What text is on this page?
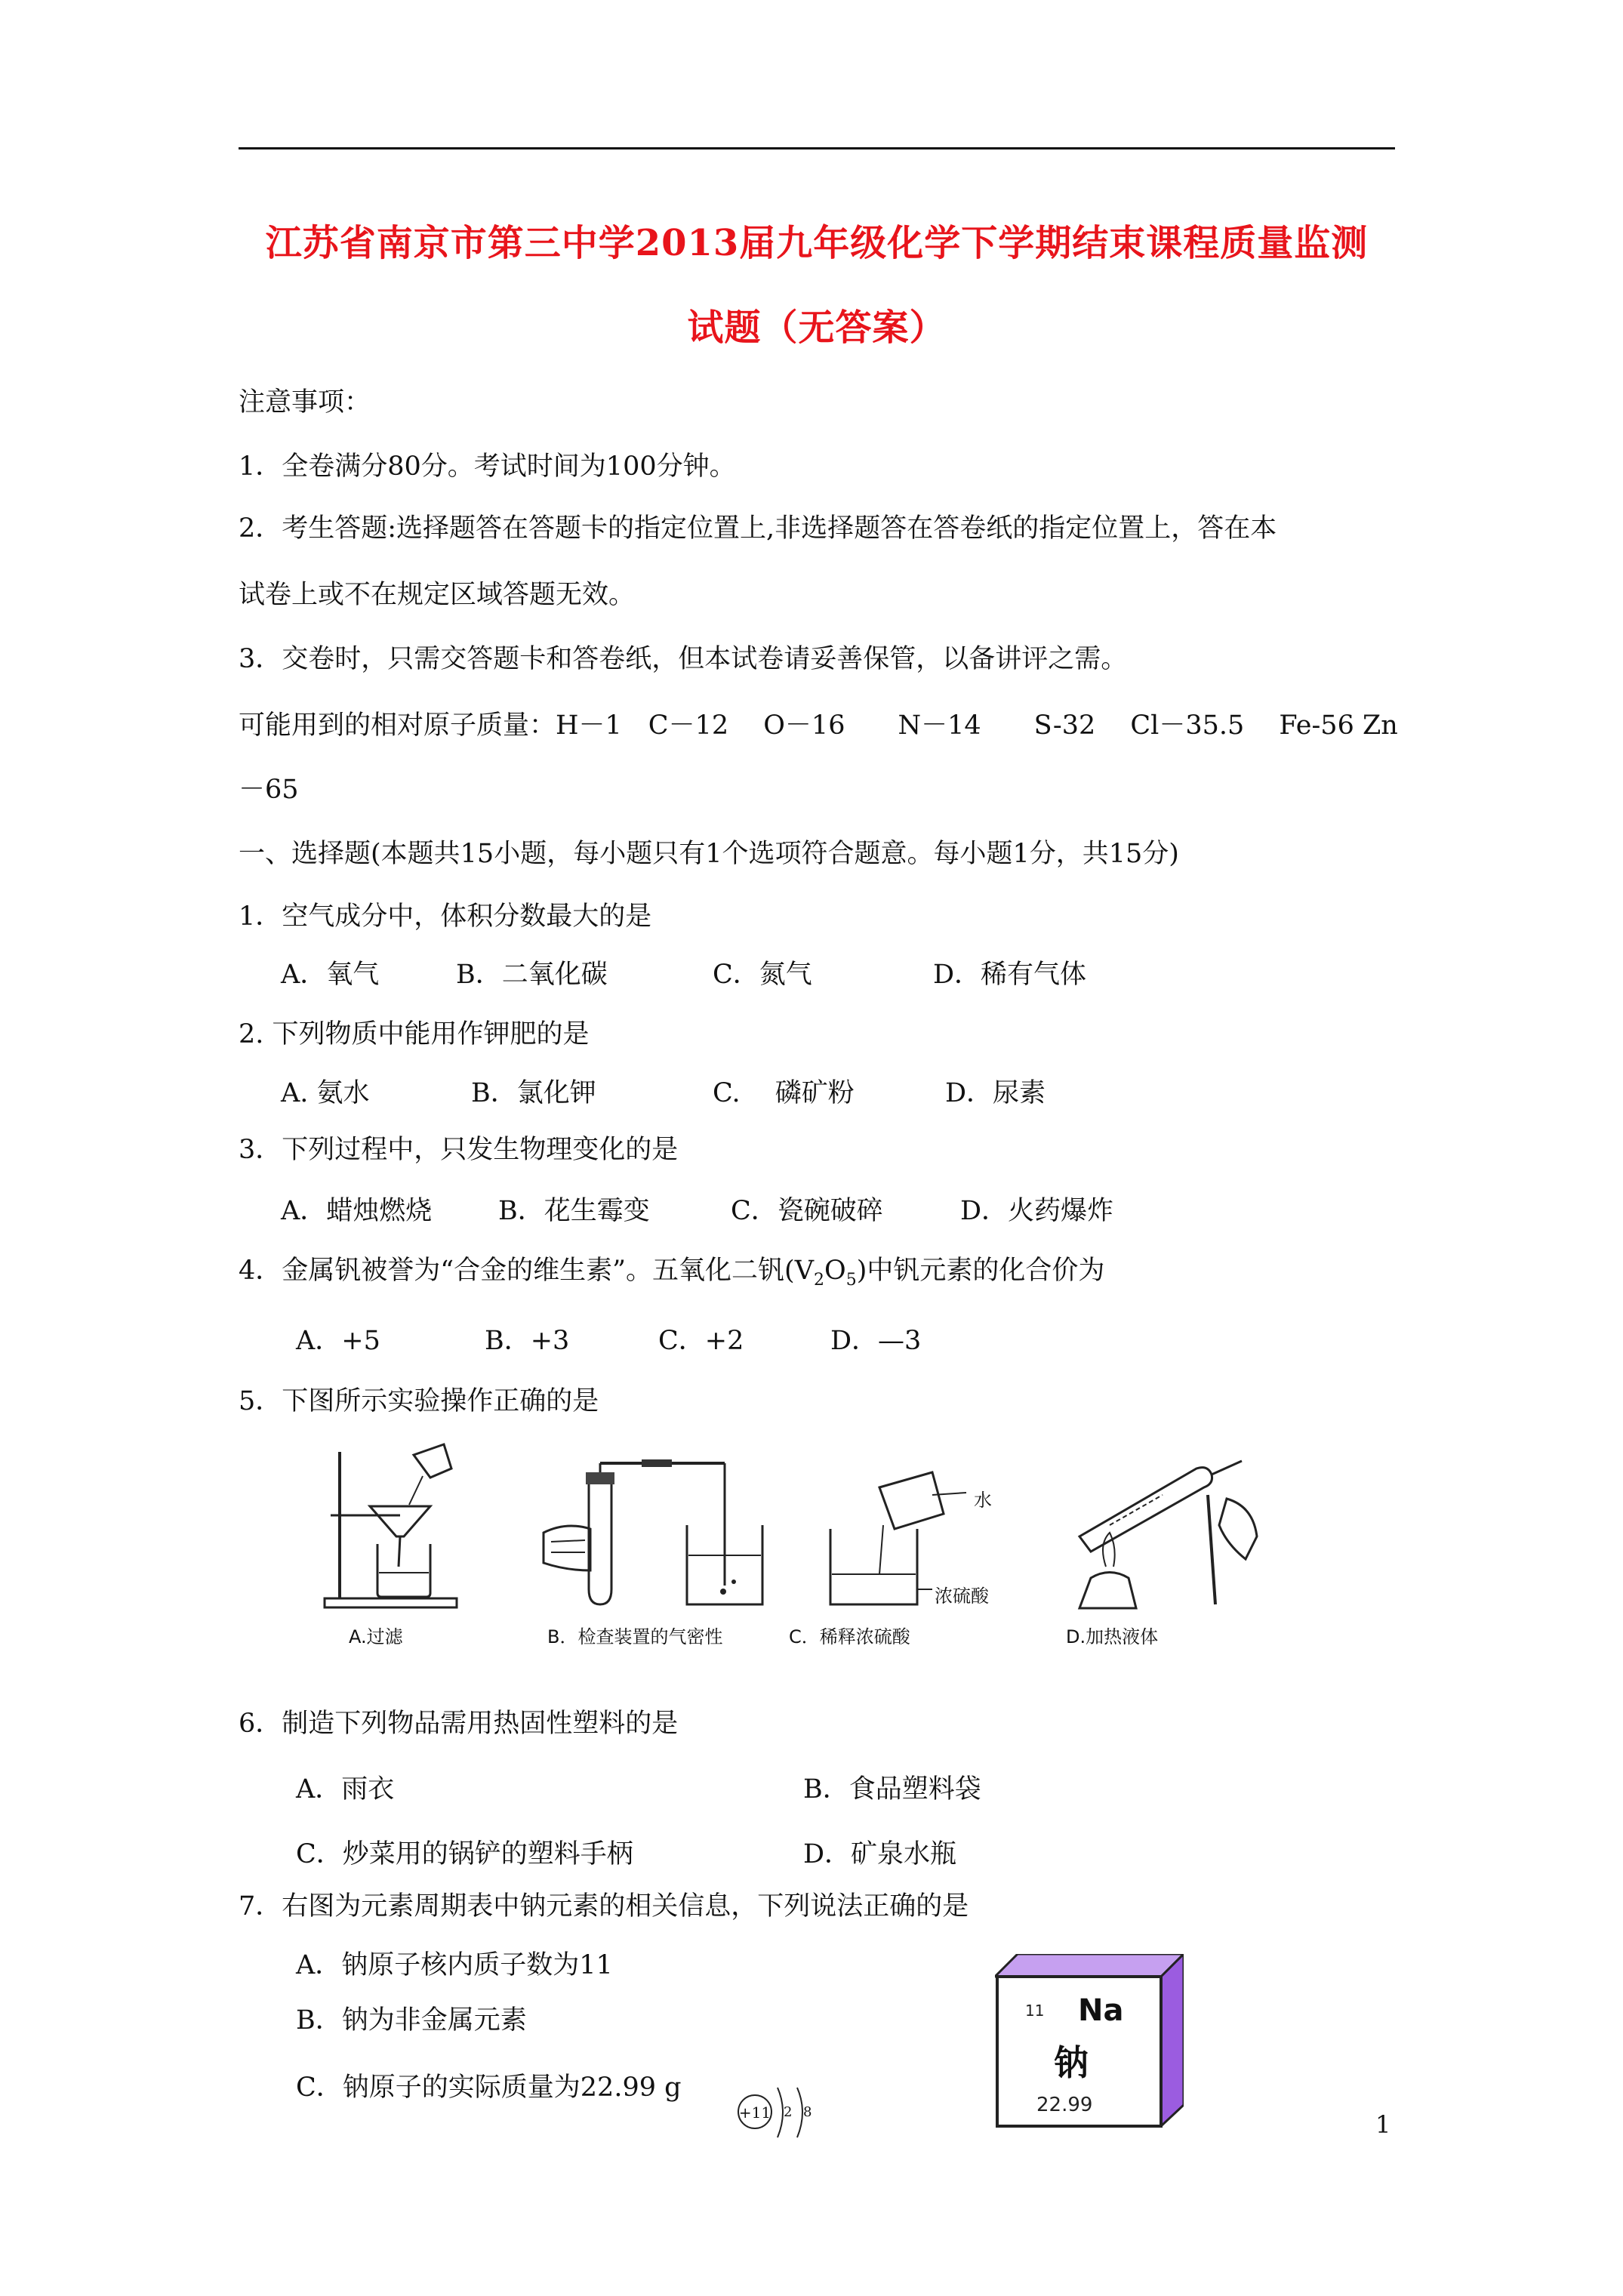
江苏省南京市第三中学2013届九年级化学下学期结束课程质量监测
试题（无答案）
注意事项：
1．全卷满分80分。考试时间为100分钟。
2．考生答题:选择题答在答题卡的指定位置上,非选择题答在答卷纸的指定位置上，答在本
试卷上或不在规定区域答题无效。
3．交卷时，只需交答题卡和答卷纸，但本试卷请妥善保管，以备讲评之需。
可能用到的相对原子质量：H－1　C－12　 O－16　　N－14　　S-32　 Cl－35.5　 Fe-56 Zn
－65
一、选择题(本题共15小题，每小题只有1个选项符合题意。每小题1分，共15分)
1．空气成分中，体积分数最大的是
A．氧气	B．二氧化碳	C．氮气	D．稀有气体
2. 下列物质中能用作钾肥的是
A. 氨水	B．氯化钾	C.　 磷矿粉	D．尿素
3．下列过程中，只发生物理变化的是
A．蜡烛燃烧	B．花生霉变	C．瓷碗破碎	D．火药爆炸
4．金属钒被誉为“合金的维生素”。五氧化二钒$(V_2O_5)$中钒元素的化合价为
A．+5	B．+3	C．+2	D．—3
5．下图所示实验操作正确的是
A.过滤	B．检查装置的气密性
水
浓硫酸
C．稀释浓硫酸	D.加热液体
6．制造下列物品需用热固性塑料的是
A．雨衣	B．食品塑料袋
C．炒菜用的锅铲的塑料手柄	D．矿泉水瓶
7．右图为元素周期表中钠元素的相关信息，下列说法正确的是
A．钠原子核内质子数为11
B．钠为非金属元素
C．钠原子的实际质量为22.99 g
11 Na
钠
22.99
+11 2 8	1
